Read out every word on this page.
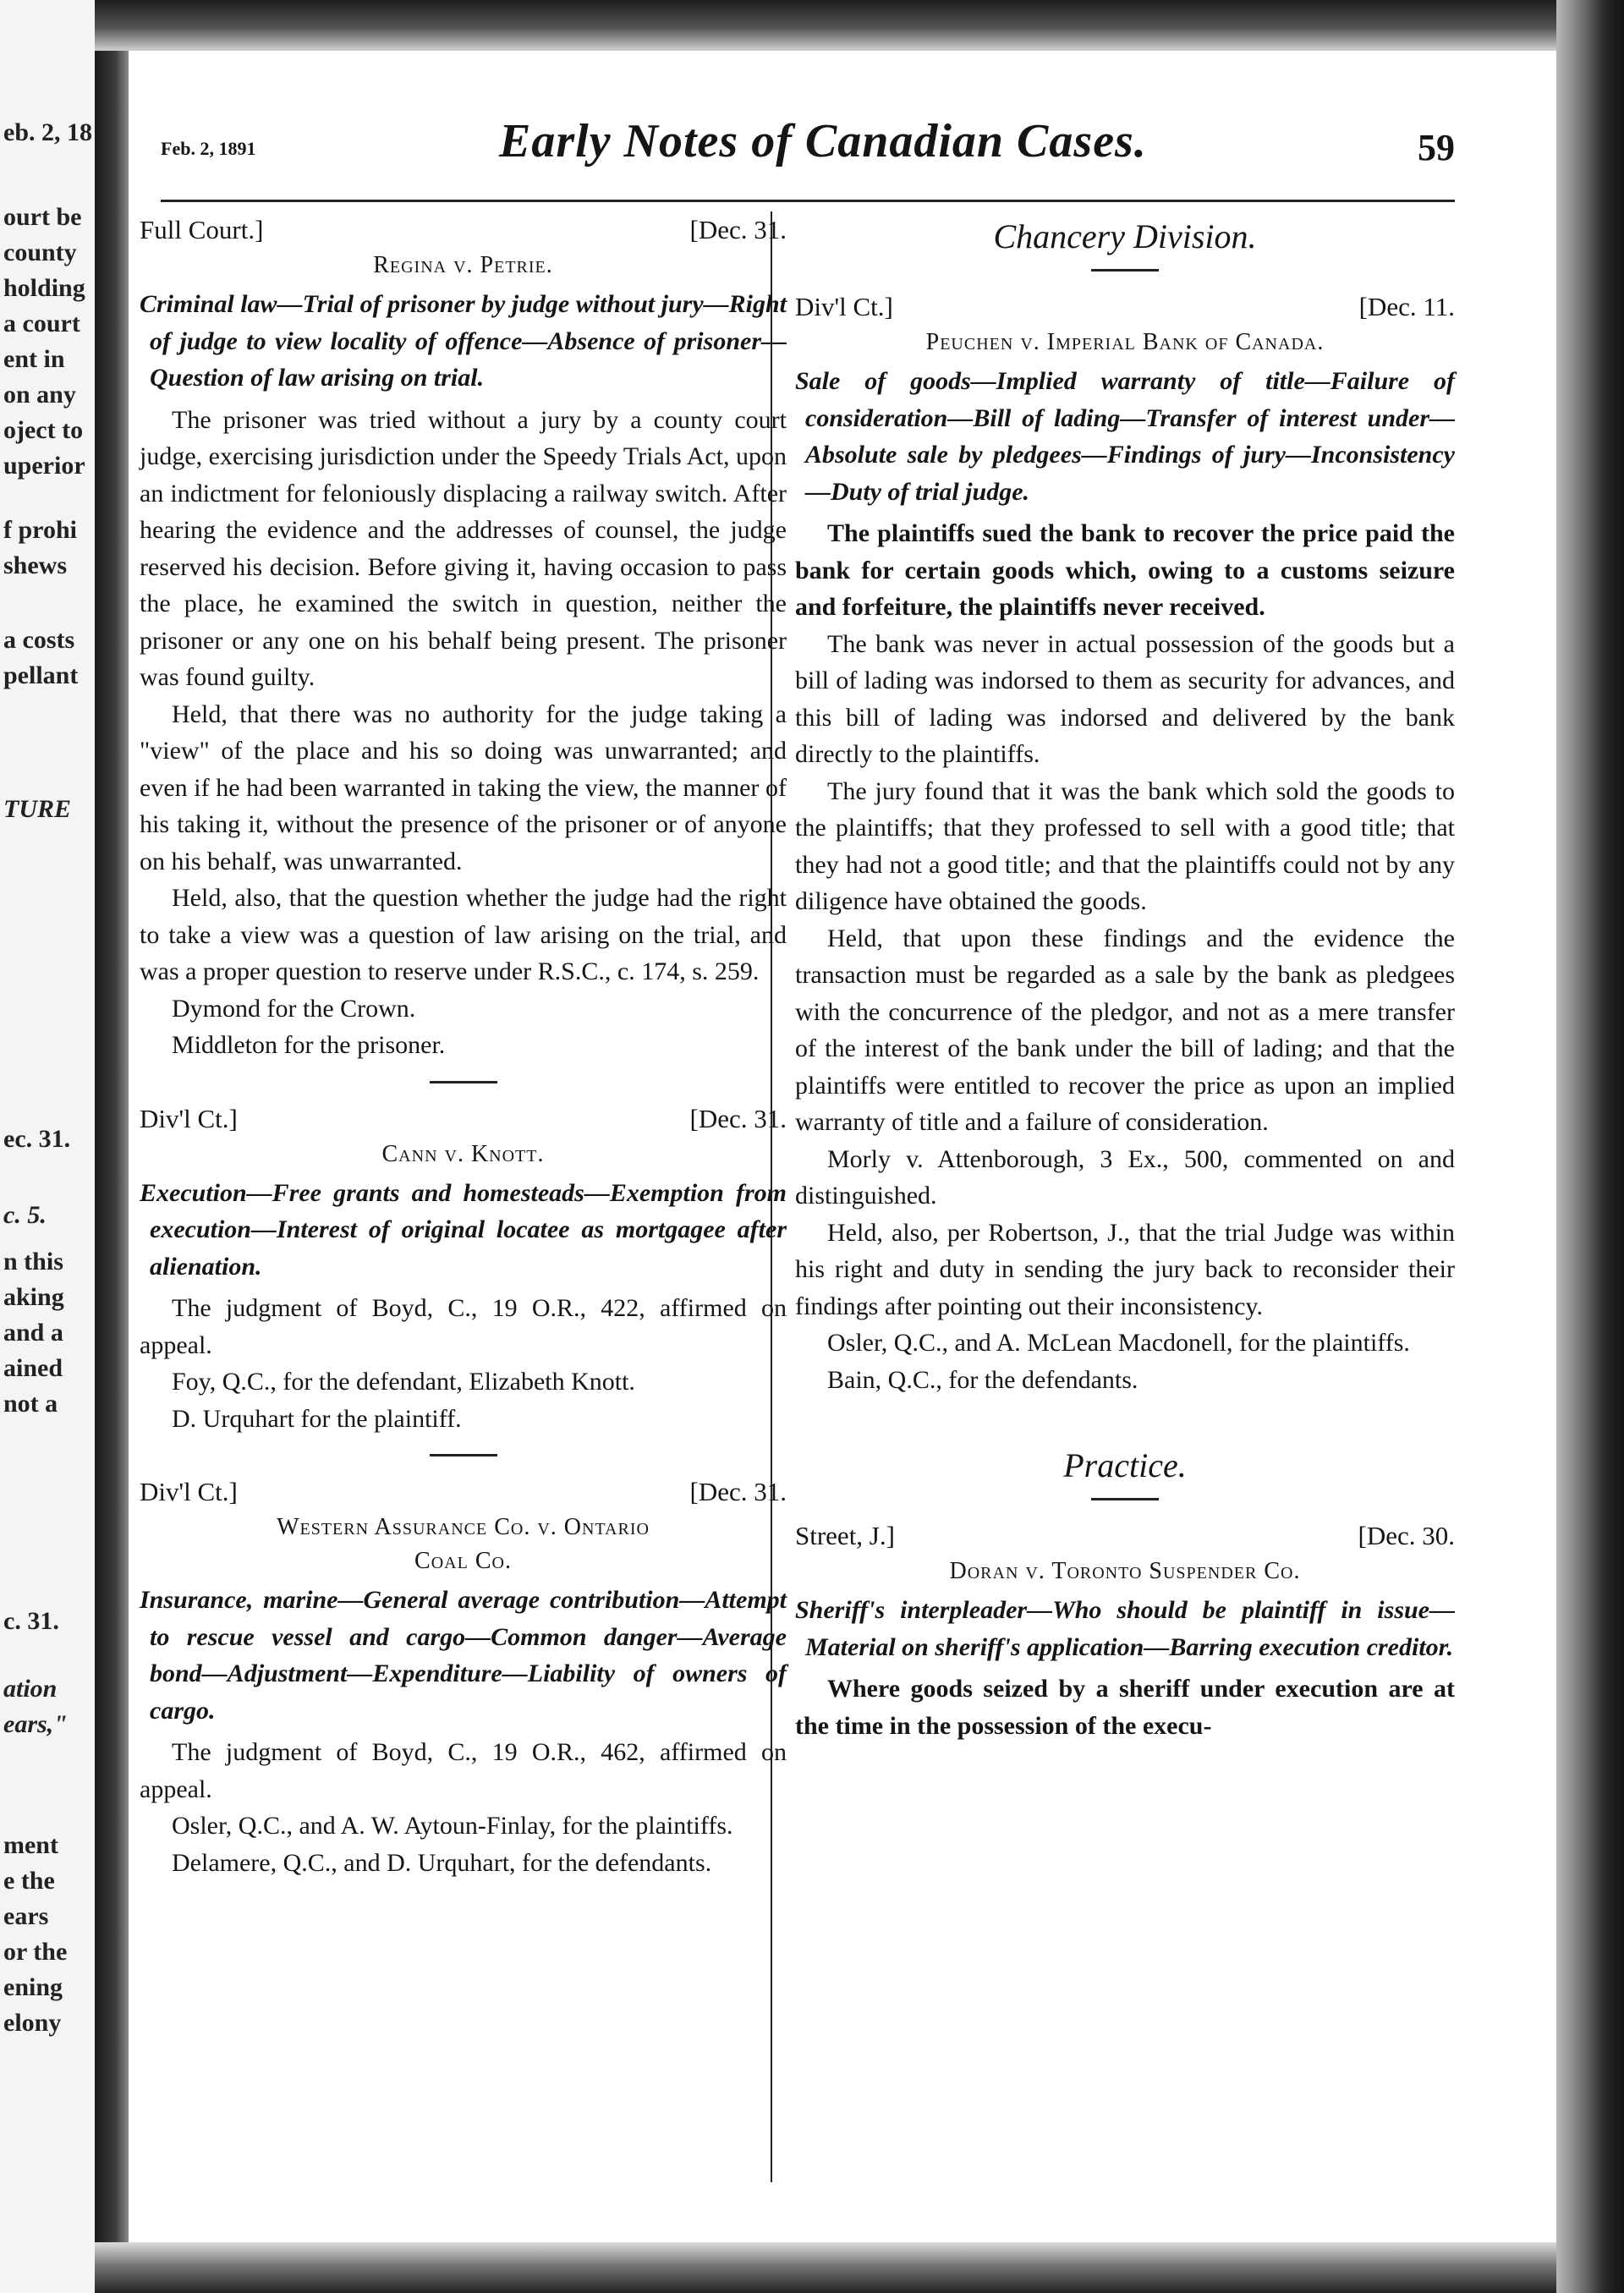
eb. 2, 18
ourt be
county
holding
a court
ent in
on any
oject to
uperior
f prohi
shews
a costs
pellant
TURE
ec. 31.
c. 5.
n this
aking
and a
ained
not a
c. 31.
ation
ears,"
ment
e the
ears
or the
ening
elony
Feb. 2, 1891	Early Notes of Canadian Cases.	59
Full Court.]	[Dec. 31.
Regina v. Petrie.

Criminal law—Trial of prisoner by judge without jury—Right of judge to view locality of offence—Absence of prisoner—Question of law arising on trial.

The prisoner was tried without a jury by a county court judge, exercising jurisdiction under the Speedy Trials Act, upon an indictment for feloniously displacing a railway switch. After hearing the evidence and the addresses of counsel, the judge reserved his decision. Before giving it, having occasion to pass the place, he examined the switch in question, neither the prisoner or any one on his behalf being present. The prisoner was found guilty.

Held, that there was no authority for the judge taking a "view" of the place and his so doing was unwarranted; and even if he had been warranted in taking the view, the manner of his taking it, without the presence of the prisoner or of anyone on his behalf, was unwarranted.

Held, also, that the question whether the judge had the right to take a view was a question of law arising on the trial, and was a proper question to reserve under R.S.C., c. 174, s. 259.

Dymond for the Crown.

Middleton for the prisoner.

Div'l Ct.]	[Dec. 31.
Cann v. Knott.

Execution—Free grants and homesteads—Exemption from execution—Interest of original locatee as mortgagee after alienation.

The judgment of Boyd, C., 19 O.R., 422, affirmed on appeal.

Foy, Q.C., for the defendant, Elizabeth Knott.

D. Urquhart for the plaintiff.

Div'l Ct.]	[Dec. 31.
Western Assurance Co. v. Ontario
Coal Co.

Insurance, marine—General average contribution—Attempt to rescue vessel and cargo—Common danger—Average bond—Adjustment—Expenditure—Liability of owners of cargo.

The judgment of Boyd, C., 19 O.R., 462, affirmed on appeal.

Osler, Q.C., and A. W. Aytoun-Finlay, for the plaintiffs.

Delamere, Q.C., and D. Urquhart, for the defendants.

Chancery Division.
Div'l Ct.]	[Dec. 11.
Peuchen v. Imperial Bank of Canada.

Sale of goods—Implied warranty of title—Failure of consideration—Bill of lading—Transfer of interest under—Absolute sale by pledgees—Findings of jury—Inconsistency—Duty of trial judge.

The plaintiffs sued the bank to recover the price paid the bank for certain goods which, owing to a customs seizure and forfeiture, the plaintiffs never received.

The bank was never in actual possession of the goods but a bill of lading was indorsed to them as security for advances, and this bill of lading was indorsed and delivered by the bank directly to the plaintiffs.

The jury found that it was the bank which sold the goods to the plaintiffs; that they professed to sell with a good title; that they had not a good title; and that the plaintiffs could not by any diligence have obtained the goods.

Held, that upon these findings and the evidence the transaction must be regarded as a sale by the bank as pledgees with the concurrence of the pledgor, and not as a mere transfer of the interest of the bank under the bill of lading; and that the plaintiffs were entitled to recover the price as upon an implied warranty of title and a failure of consideration.

Morly v. Attenborough, 3 Ex., 500, commented on and distinguished.

Held, also, per Robertson, J., that the trial Judge was within his right and duty in sending the jury back to reconsider their findings after pointing out their inconsistency.

Osler, Q.C., and A. McLean Macdonell, for the plaintiffs.

Bain, Q.C., for the defendants.

Practice.
Street, J.]	[Dec. 30.
Doran v. Toronto Suspender Co.

Sheriff's interpleader—Who should be plaintiff in issue—Material on sheriff's application—Barring execution creditor.

Where goods seized by a sheriff under execution are at the time in the possession of the execu-
